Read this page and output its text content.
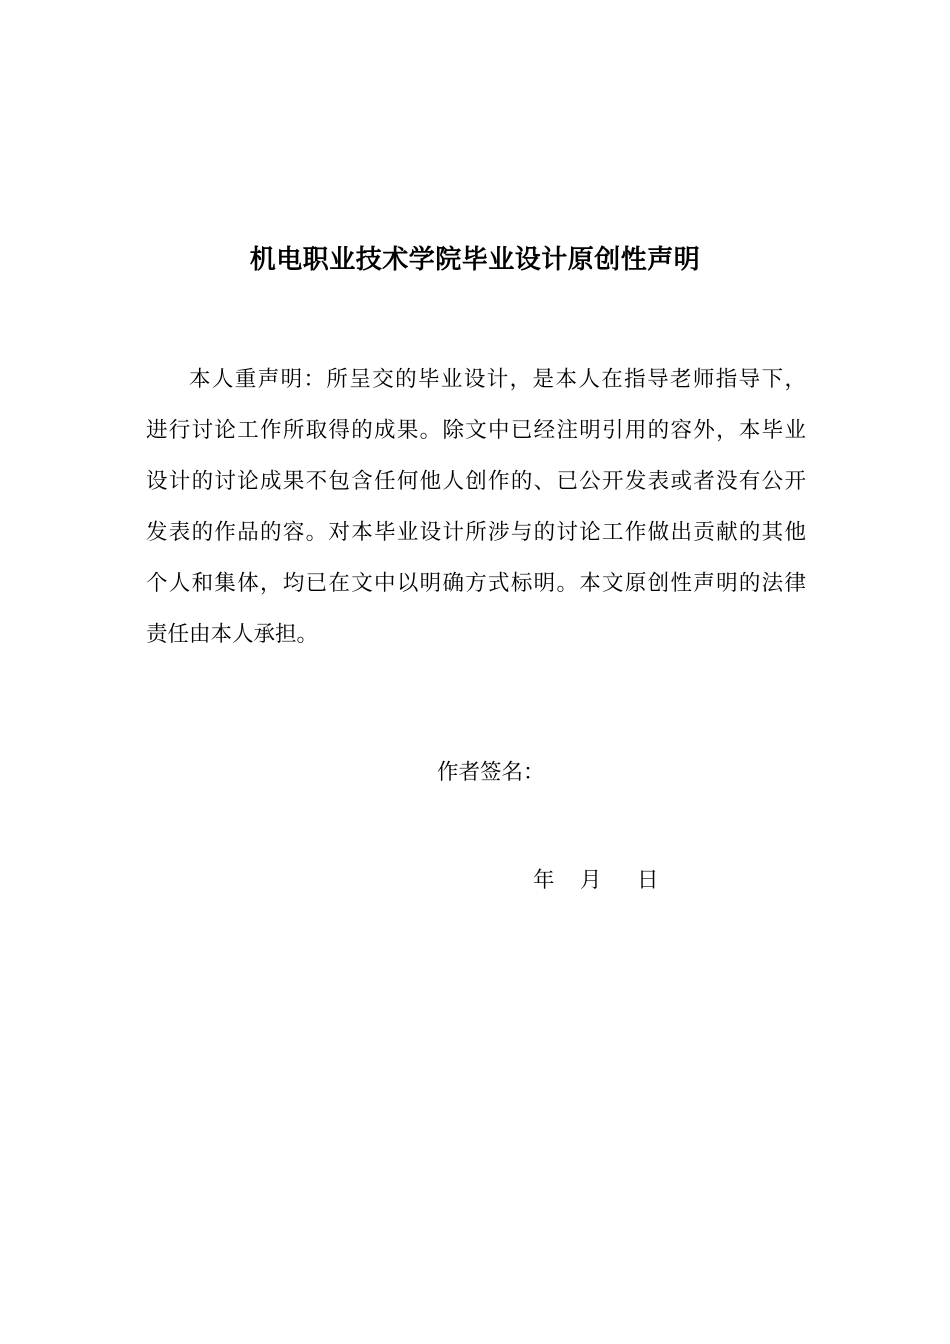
机电职业技术学院毕业设计原创性声明
本人重声明：所呈交的毕业设计，是本人在指导老师指导下，
进行讨论工作所取得的成果。除文中已经注明引用的容外，本毕业
设计的讨论成果不包含任何他人创作的、已公开发表或者没有公开
发表的作品的容。对本毕业设计所涉与的讨论工作做出贡献的其他
个人和集体，均已在文中以明确方式标明。本文原创性声明的法律
责任由本人承担。
作者签名：
年 月 日
